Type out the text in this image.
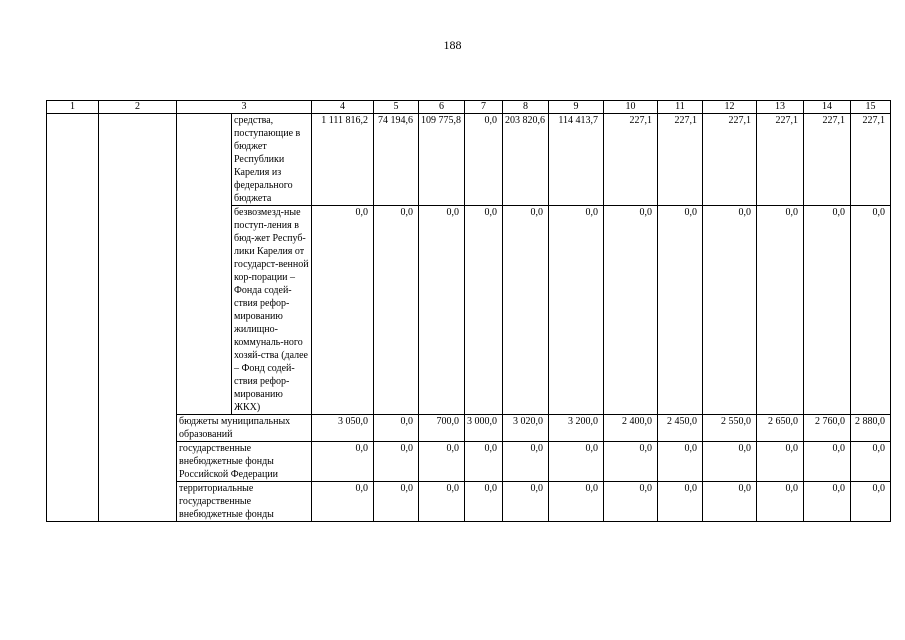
188
1	2	3		4	5	6	7	8	9	10	11	12	13	14	15
			средства, поступающие в бюджет Республики Карелия из федерального бюджета	1 111 816,2	74 194,6	109 775,8	0,0	203 820,6	114 413,7	227,1	227,1	227,1	227,1	227,1	227,1
			безвозмезд-ные поступ-ления в бюд-жет Респуб-лики Карелия от государст-венной кор-порации – Фонда содей-ствия рефор-мированию жилищно-коммуналь-ного хозяй-ства (далее – Фонд содей-ствия рефор-мированию ЖКХ)	0,0	0,0	0,0	0,0	0,0	0,0	0,0	0,0	0,0	0,0	0,0	0,0
		бюджеты муниципальных образований		3 050,0	0,0	700,0	3 000,0	3 020,0	3 200,0	2 400,0	2 450,0	2 550,0	2 650,0	2 760,0	2 880,0
		государственные внебюджетные фонды Российской Федерации		0,0	0,0	0,0	0,0	0,0	0,0	0,0	0,0	0,0	0,0	0,0	0,0
		территориальные государственные внебюджетные фонды		0,0	0,0	0,0	0,0	0,0	0,0	0,0	0,0	0,0	0,0	0,0	0,0
